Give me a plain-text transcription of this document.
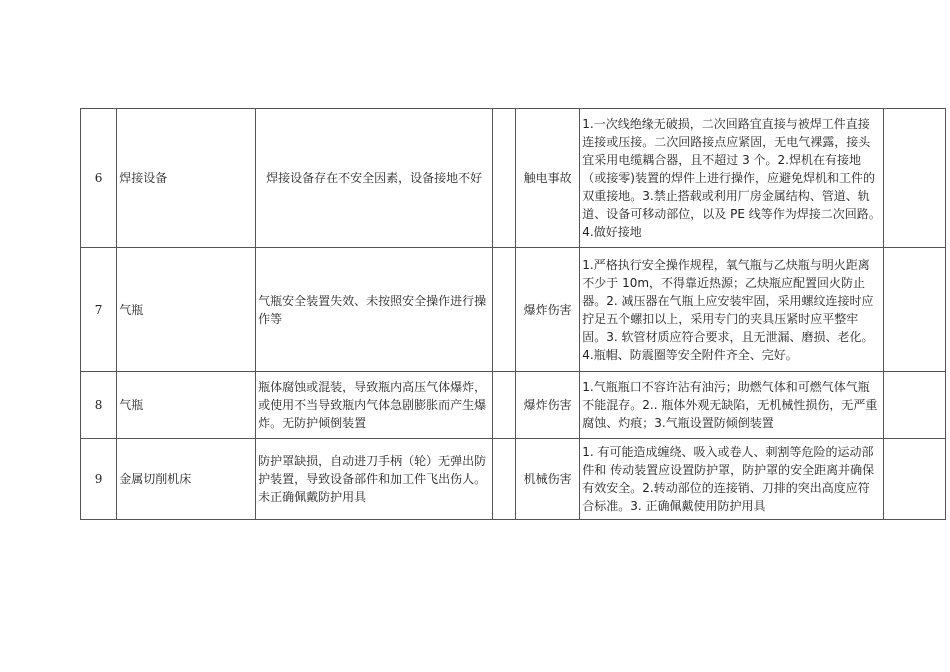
6	焊接设备	焊接设备存在不安全因素，设备接地不好		触电事故	1.一次线绝缘无破损，二次回路宜直接与被焊工件直接连接或压接。二次回路接点应紧固，无电气裸露，接头宜采用电缆耦合器，且不超过 3 个。2.焊机在有接地（或接零)装置的焊件上进行操作，应避免焊机和工件的双重接地。3.禁止搭载或利用厂房金属结构、管道、轨道、设备可移动部位，以及 PE 线等作为焊接二次回路。4.做好接地	
7	气瓶	气瓶安全装置失效、未按照安全操作进行操作等		爆炸伤害	1.严格执行安全操作规程，氧气瓶与乙炔瓶与明火距离不少于 10m，不得靠近热源；乙炔瓶应配置回火防止器。2. 减压器在气瓶上应安装牢固，采用螺纹连接时应拧足五个螺扣以上，采用专门的夹具压紧时应平整牢固。3. 软管材质应符合要求，且无泄漏、磨损、老化。4.瓶帽、防震圈等安全附件齐全、完好。	
8	气瓶	瓶体腐蚀或混装，导致瓶内高压气体爆炸，或使用不当导致瓶内气体急剧膨胀而产生爆炸。无防护倾倒装置		爆炸伤害	1.气瓶瓶口不容许沾有油污；助燃气体和可燃气体气瓶不能混存。2.. 瓶体外观无缺陷，无机械性损伤，无严重腐蚀、灼痕；3.气瓶设置防倾倒装置	
9	金属切削机床	防护罩缺损，自动进刀手柄（轮）无弹出防护装置，导致设备部件和加工件飞出伤人。未正确佩戴防护用具		机械伤害	1. 有可能造成缠绕、吸入或卷人、刺割等危险的运动部件和 传动装置应设置防护罩，防护罩的安全距离并确保有效安全。2.转动部位的连接销、刀排的突出高度应符合标准。3. 正确佩戴使用防护用具	
